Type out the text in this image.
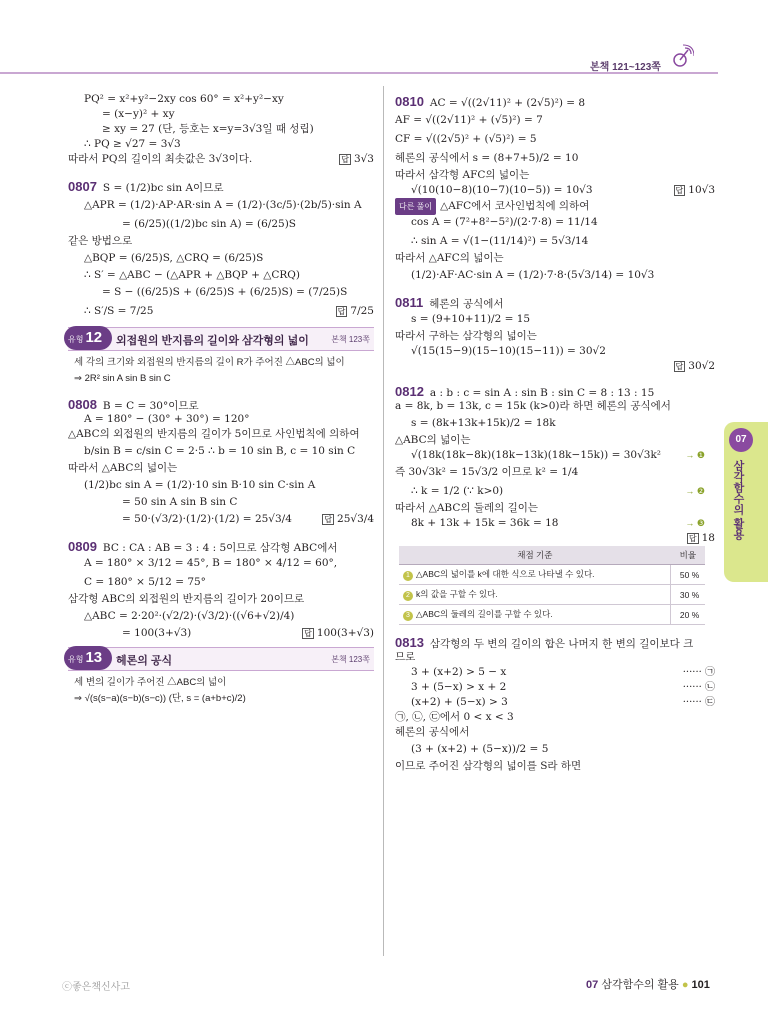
본책 121~123쪽
PQ² = x²+y²−2xy cos 60° = x²+y²−xy
= (x−y)² + xy
≥ xy = 27 (단, 등호는 x=y=3√3일 때 성립)
∴ PQ ≥ √27 = 3√3
따라서 PQ의 길이의 최솟값은 3√3이다.	답 3√3
0807 S = (1/2)bc sin A이므로
△APR = (1/2)·AP·AR·sin A = (1/2)·(3c/5)·(2b/5)·sin A
= (6/25)((1/2)bc sin A) = (6/25)S
같은 방법으로
△BQP = (6/25)S, △CRQ = (6/25)S
∴ S′ = △ABC − (△APR + △BQP + △CRQ)
= S − ((6/25)S + (6/25)S + (6/25)S) = (7/25)S
∴ S′/S = 7/25	답 7/25
유형 12	외접원의 반지름의 길이와 삼각형의 넓이	본책 123쪽
세 각의 크기와 외접원의 반지름의 길이 R가 주어진 △ABC의 넓이
⇒ 2R² sin A sin B sin C
0808 B = C = 30°이므로
A = 180° − (30° + 30°) = 120°
△ABC의 외접원의 반지름의 길이가 5이므로 사인법칙에 의하여
b/sin B = c/sin C = 2·5 ∴ b = 10 sin B, c = 10 sin C
따라서 △ABC의 넓이는
(1/2)bc sin A = (1/2)·10 sin B·10 sin C·sin A
= 50 sin A sin B sin C
= 50·(√3/2)·(1/2)·(1/2) = 25√3/4	답 25√3/4
0809 BC : CA : AB = 3 : 4 : 5이므로 삼각형 ABC에서
A = 180° × 3/12 = 45°, B = 180° × 4/12 = 60°,
C = 180° × 5/12 = 75°
삼각형 ABC의 외접원의 반지름의 길이가 20이므로
△ABC = 2·20²·(√2/2)·(√3/2)·((√6+√2)/4)
= 100(3+√3)	답 100(3+√3)
유형 13	헤론의 공식	본책 123쪽
세 변의 길이가 주어진 △ABC의 넓이
⇒ √(s(s−a)(s−b)(s−c)) (단, s = (a+b+c)/2)
0810 AC = √((2√11)² + (2√5)²) = 8
AF = √((2√11)² + (√5)²) = 7
CF = √((2√5)² + (√5)²) = 5
헤론의 공식에서 s = (8+7+5)/2 = 10
따라서 삼각형 AFC의 넓이는
√(10(10−8)(10−7)(10−5)) = 10√3	답 10√3
다른 풀이 △AFC에서 코사인법칙에 의하여
cos A = (7²+8²−5²)/(2·7·8) = 11/14
∴ sin A = √(1−(11/14)²) = 5√3/14
따라서 △AFC의 넓이는
(1/2)·AF·AC·sin A = (1/2)·7·8·(5√3/14) = 10√3
0811 헤론의 공식에서
s = (9+10+11)/2 = 15
따라서 구하는 삼각형의 넓이는
√(15(15−9)(15−10)(15−11)) = 30√2
답 30√2
0812 a : b : c = sin A : sin B : sin C = 8 : 13 : 15
a = 8k, b = 13k, c = 15k (k>0)라 하면 헤론의 공식에서
s = (8k+13k+15k)/2 = 18k
△ABC의 넓이는
√(18k(18k−8k)(18k−13k)(18k−15k)) = 30√3k²	→ ❶
즉 30√3k² = 15√3/2 이므로 k² = 1/4
∴ k = 1/2 (∵ k>0)	→ ❷
따라서 △ABC의 둘레의 길이는
8k + 13k + 15k = 36k = 18	→ ❸
답 18
채점 기준	비율
1 △ABC의 넓이를 k에 대한 식으로 나타낼 수 있다.	50 %
2 k의 값을 구할 수 있다.	30 %
3 △ABC의 둘레의 길이를 구할 수 있다.	20 %
0813 삼각형의 두 변의 길이의 합은 나머지 한 변의 길이보다 크
므로
3 + (x+2) > 5 − x	······ ㉠
3 + (5−x) > x + 2	······ ㉡
(x+2) + (5−x) > 3	······ ㉢
㉠, ㉡, ㉢에서 0 < x < 3
헤론의 공식에서
(3 + (x+2) + (5−x))/2 = 5
이므로 주어진 삼각형의 넓이를 S라 하면
07
삼각함수의 활용
ⓒ좋은책신사고	07 삼각함수의 활용 ● 101
